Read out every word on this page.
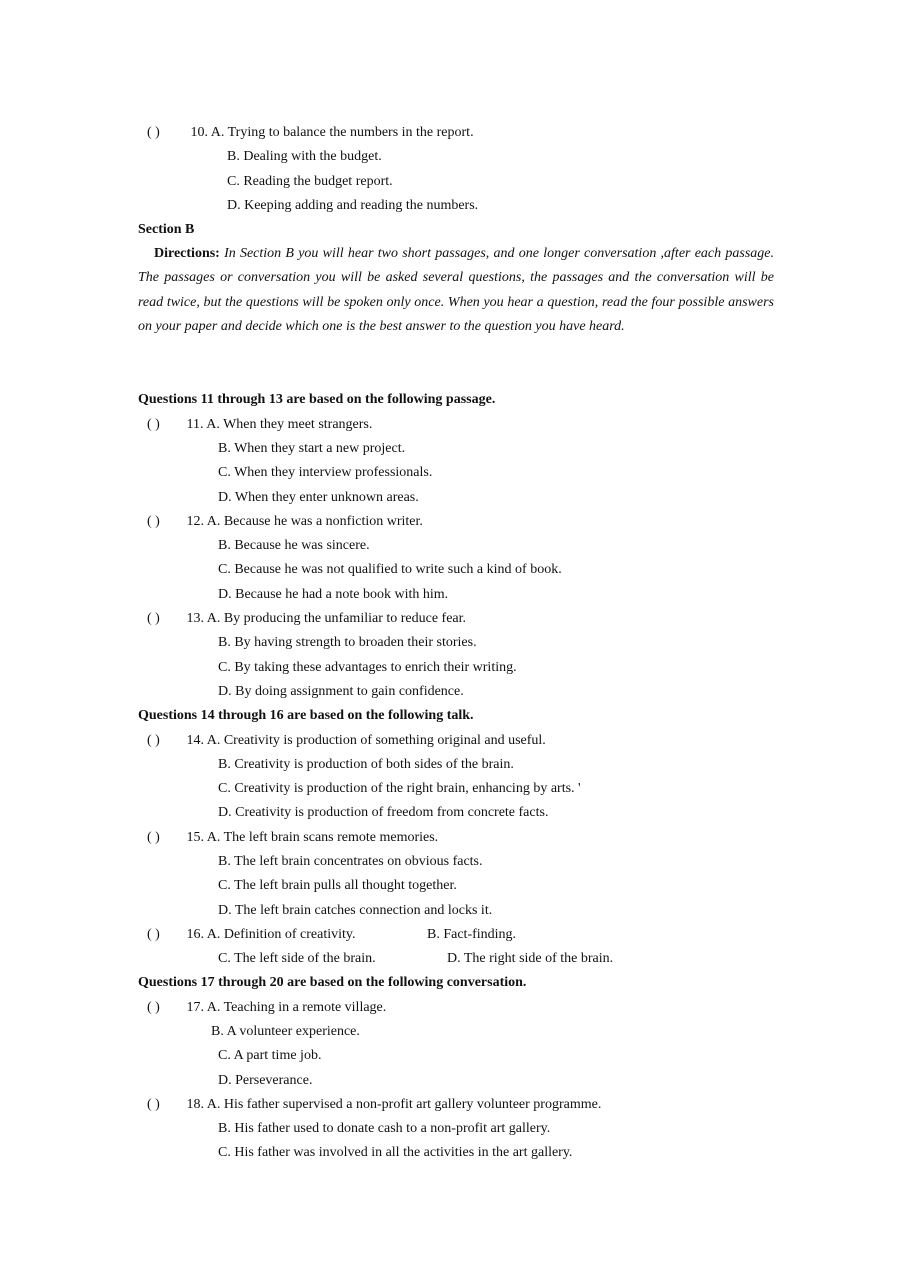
( ) 10. A. Trying to balance the numbers in the report.
B. Dealing with the budget.
C. Reading the budget report.
D. Keeping adding and reading the numbers.
Section B
Directions: In Section B you will hear two short passages, and one longer conversation ,after each passage. The passages or conversation you will be asked several questions, the passages and the conversation will be read twice, but the questions will be spoken only once. When you hear a question, read the four possible answers on your paper and decide which one is the best answer to the question you have heard.
Questions 11 through 13 are based on the following passage.
( ) 11. A. When they meet strangers.
B. When they start a new project.
C. When they interview professionals.
D. When they enter unknown areas.
( ) 12. A. Because he was a nonfiction writer.
B. Because he was sincere.
C. Because he was not qualified to write such a kind of book.
D. Because he had a note book with him.
( ) 13. A. By producing the unfamiliar to reduce fear.
B. By having strength to broaden their stories.
C. By taking these advantages to enrich their writing.
D. By doing assignment to gain confidence.
Questions 14 through 16 are based on the following talk.
( ) 14. A. Creativity is production of something original and useful.
B. Creativity is production of both sides of the brain.
C. Creativity is production of the right brain, enhancing by arts. '
D. Creativity is production of freedom from concrete facts.
( ) 15. A. The left brain scans remote memories.
B. The left brain concentrates on obvious facts.
C. The left brain pulls all thought together.
D. The left brain catches connection and locks it.
( ) 16. A. Definition of creativity.	B. Fact-finding.
C. The left side of the brain.	D. The right side of the brain.
Questions 17 through 20 are based on the following conversation.
( ) 17. A. Teaching in a remote village.
B. A volunteer experience.
C. A part time job.
D. Perseverance.
( ) 18. A. His father supervised a non-profit art gallery volunteer programme.
B. His father used to donate cash to a non-profit art gallery.
C. His father was involved in all the activities in the art gallery.
